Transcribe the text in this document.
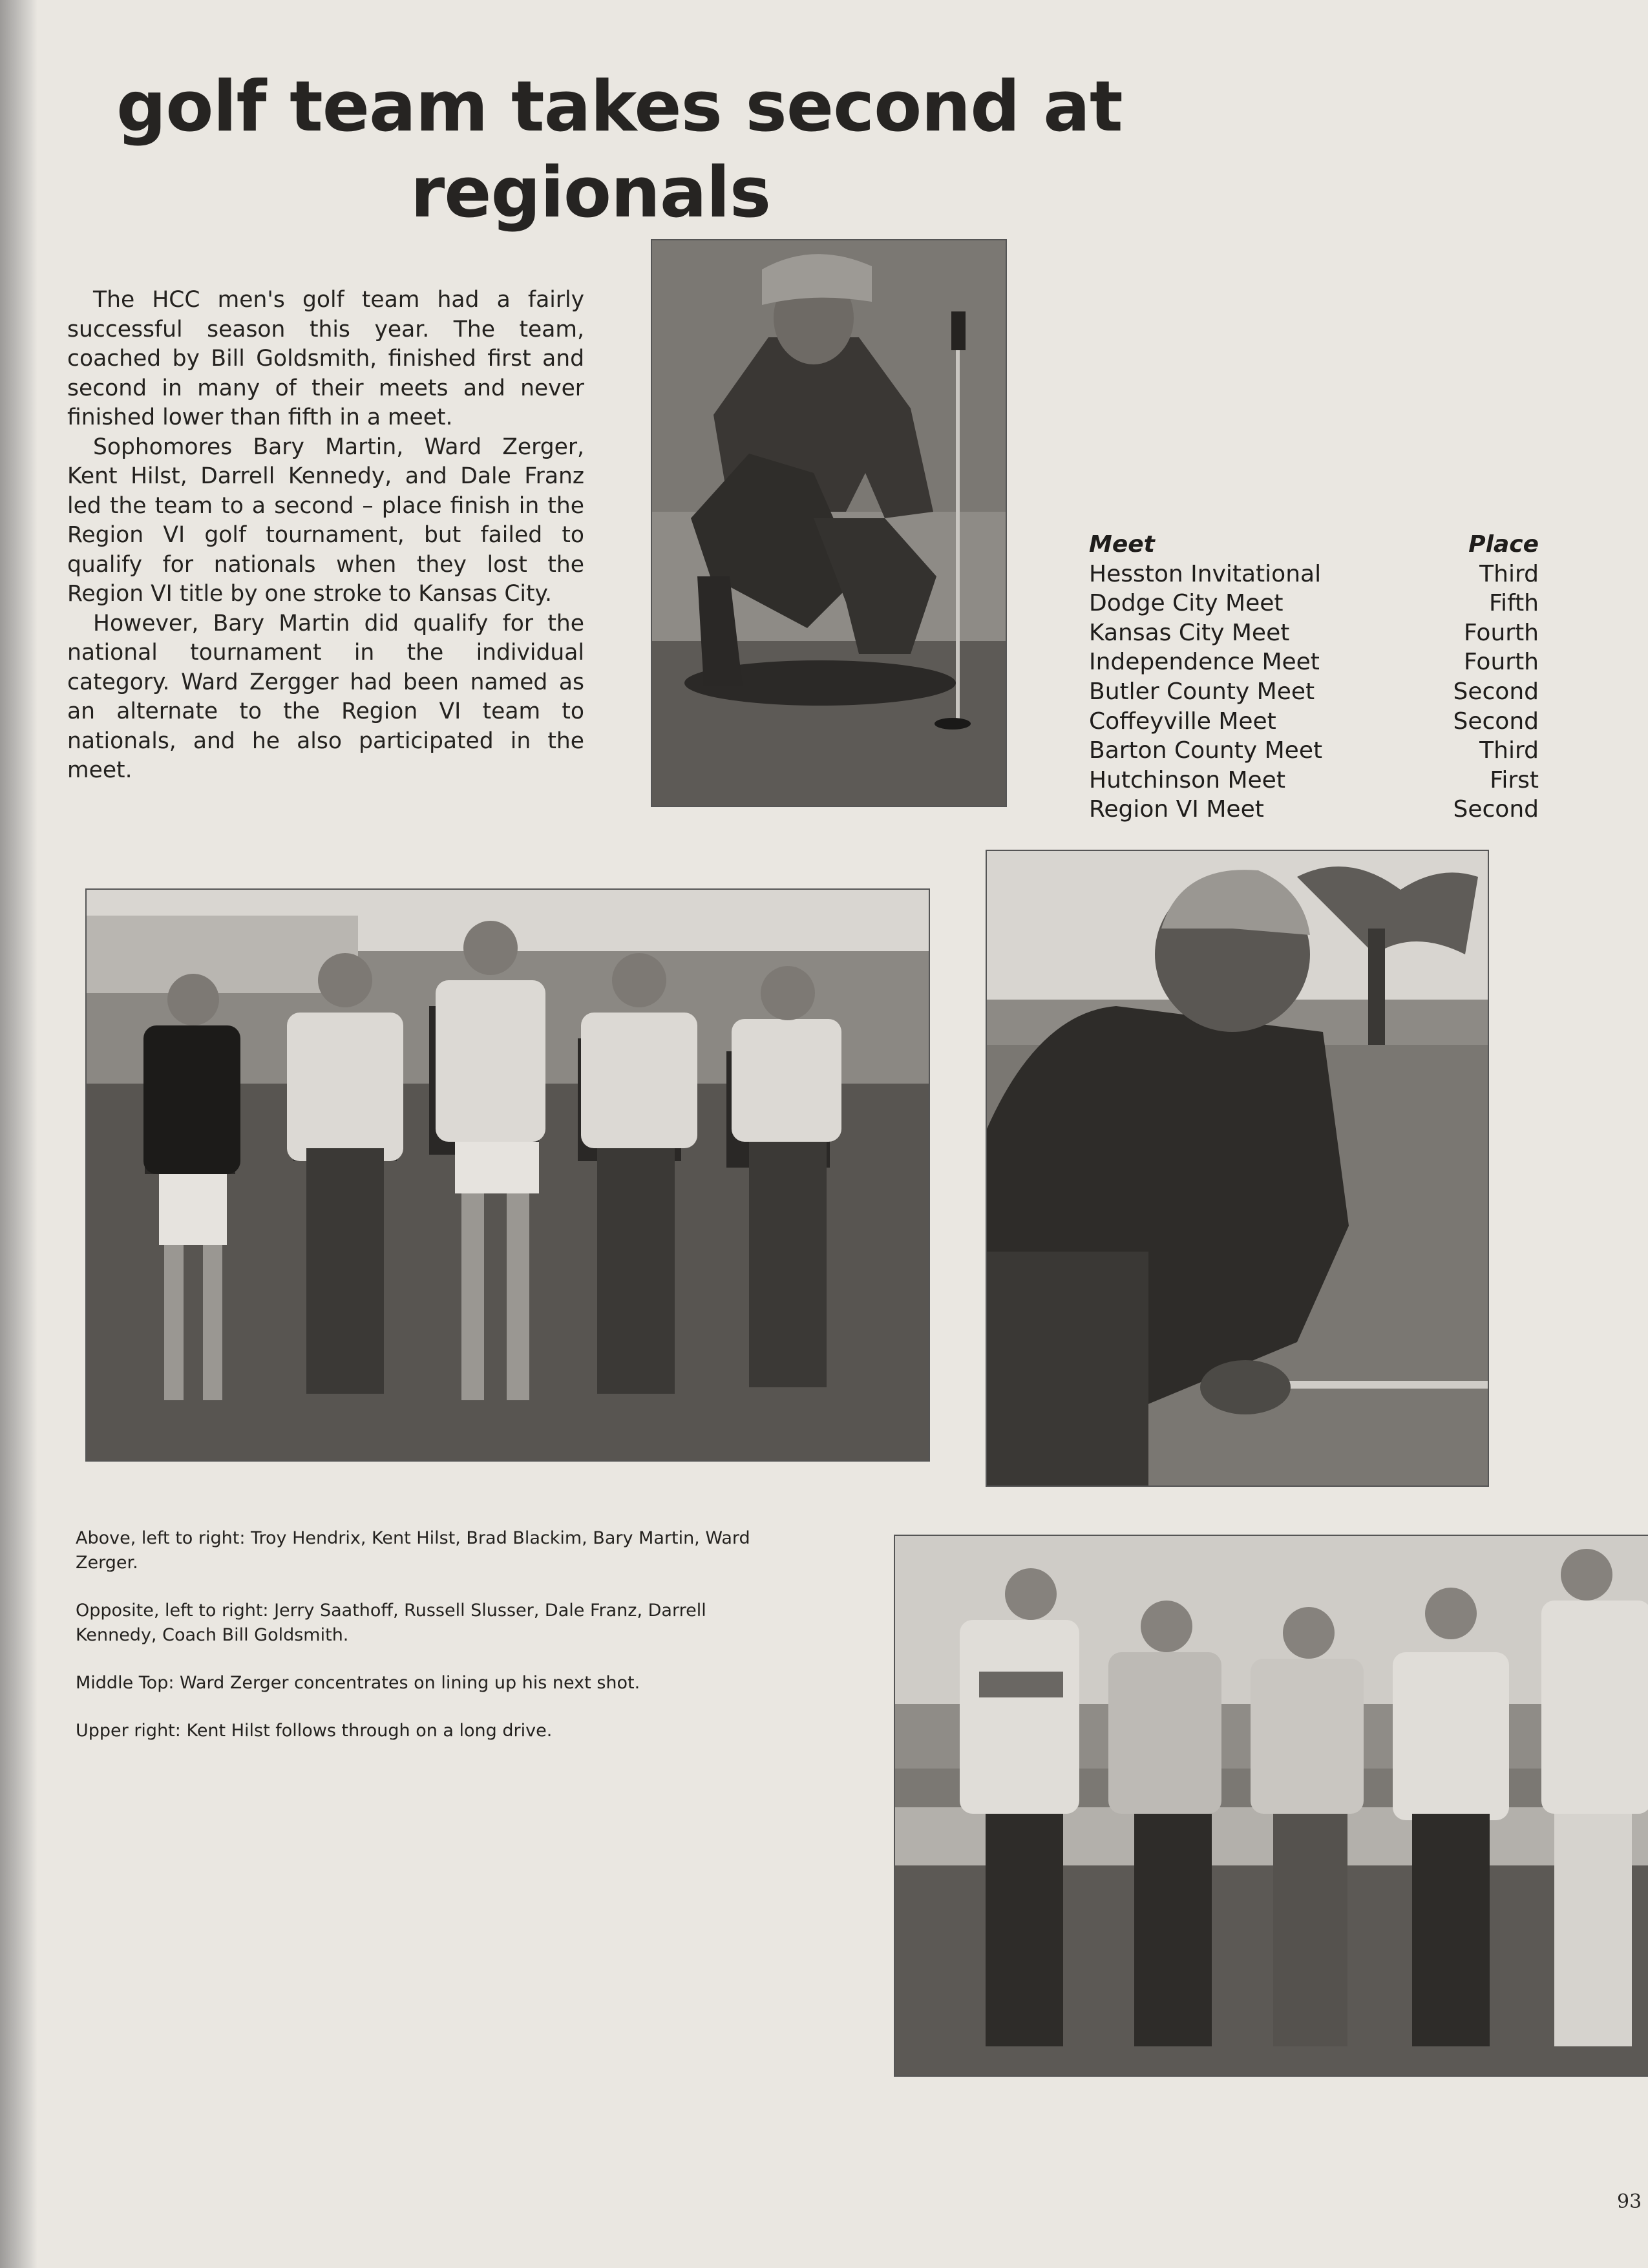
golf team takes second at
regionals

The HCC men's golf team had a fairly successful season this year. The team, coached by Bill Goldsmith, finished first and second in many of their meets and never finished lower than fifth in a meet.

Sophomores Bary Martin, Ward Zerger, Kent Hilst, Darrell Kennedy, and Dale Franz led the team to a second – place finish in the Region VI golf tournament, but failed to qualify for nationals when they lost the Region VI title by one stroke to Kansas City.

However, Bary Martin did qualify for the national tournament in the individual category. Ward Zergger had been named as an alternate to the Region VI team to nationals, and he also participated in the meet.

Meet	Place
Hesston Invitational	Third
Dodge City Meet	Fifth
Kansas City Meet	Fourth
Independence Meet	Fourth
Butler County Meet	Second
Coffeyville Meet	Second
Barton County Meet	Third
Hutchinson Meet	First
Region VI Meet	Second

Above, left to right: Troy Hendrix, Kent Hilst, Brad Blackim, Bary Martin, Ward Zerger.

Opposite, left to right: Jerry Saathoff, Russell Slusser, Dale Franz, Darrell Kennedy, Coach Bill Goldsmith.

Middle Top: Ward Zerger concentrates on lining up his next shot.

Upper right: Kent Hilst follows through on a long drive.

93
